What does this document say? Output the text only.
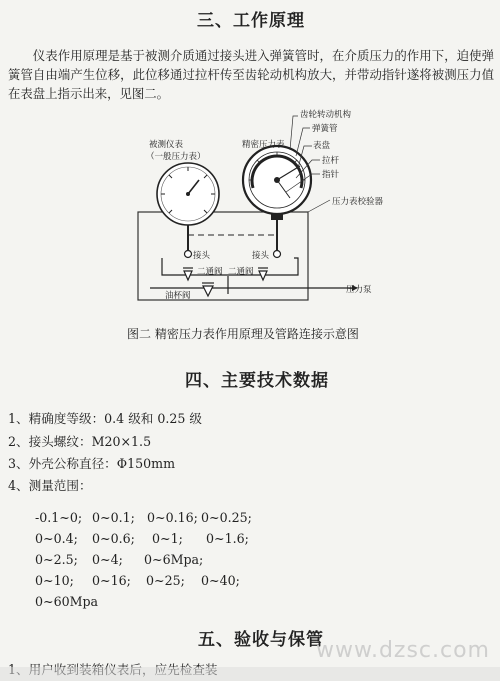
三、工作原理
仪表作用原理是基于被测介质通过接头进入弹簧管时，在介质压力的作用下，迫使弹簧管自由端产生位移，此位移通过拉杆传至齿轮动机构放大，并带动指针遂将被测压力值在表盘上指示出来，见图二。
被测仪表
（一般压力表）
精密压力表
齿轮转动机构
弹簧管
表盘
拉杆
指针
压力表校验器
接头	接头
二通阀 二通阀
油杯阀
压力泵
图二 精密压力表作用原理及管路连接示意图
四、主要技术数据
1、精确度等级：0.4 级和 0.25 级
2、接头螺纹：M20×1.5
3、外壳公称直径：Φ150mm
4、测量范围：
-0.1~0; 0~0.1; 0~0.16; 0~0.25;
0~0.4; 0~0.6; 0~1; 0~1.6;
0~2.5; 0~4; 0~6Mpa;
0~10; 0~16; 0~25; 0~40;
0~60Mpa
五、验收与保管
www.dzsc.com
